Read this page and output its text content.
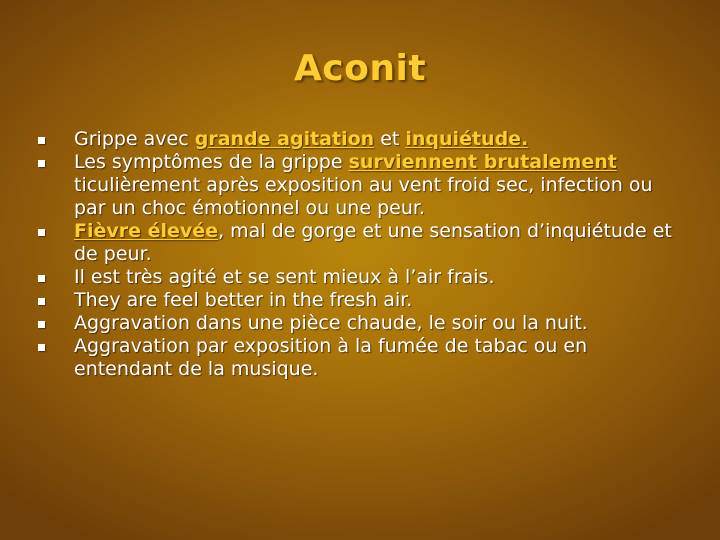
Aconit
Grippe avec grande agitation et inquiétude.
Les symptômes de la grippe surviennent brutalement ticulièrement après exposition au vent froid sec, infection ou par un choc émotionnel ou une peur.
Fièvre élevée, mal de gorge et une sensation d’inquiétude et de peur.
Il est très agité et se sent mieux à l’air frais.
They are feel better in the fresh air.
Aggravation dans une pièce chaude, le soir ou la nuit.
Aggravation par exposition à la fumée de tabac ou en entendant de la musique.
